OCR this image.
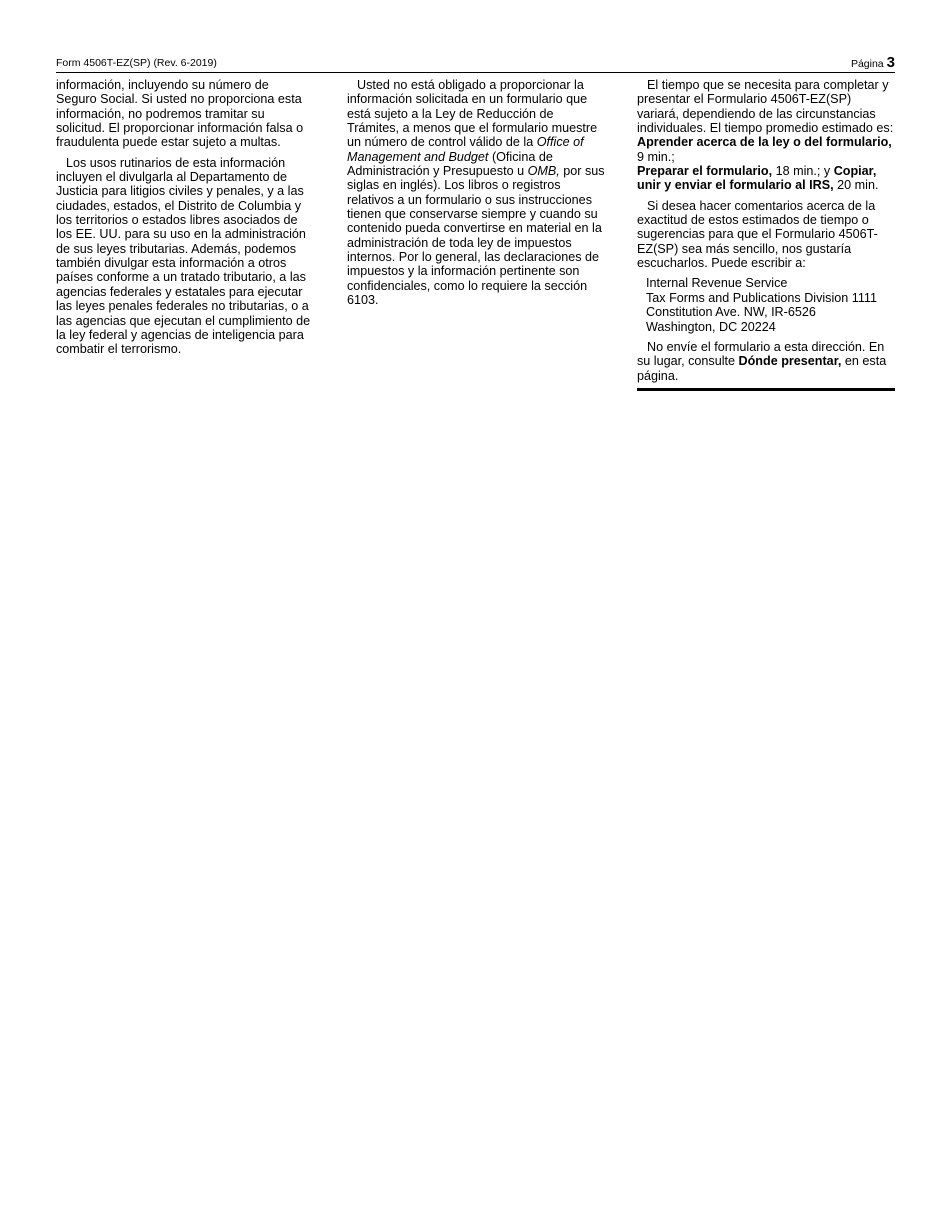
Form 4506T-EZ(SP) (Rev. 6-2019)	Página 3

información, incluyendo su número de Seguro Social. Si usted no proporciona esta información, no podremos tramitar su solicitud. El proporcionar información falsa o fraudulenta puede estar sujeto a multas.

Los usos rutinarios de esta información incluyen el divulgarla al Departamento de Justicia para litigios civiles y penales, y a las ciudades, estados, el Distrito de Columbia y los territorios o estados libres asociados de los EE. UU. para su uso en la administración de sus leyes tributarias. Además, podemos también divulgar esta información a otros países conforme a un tratado tributario, a las agencias federales y estatales para ejecutar las leyes penales federales no tributarias, o a las agencias que ejecutan el cumplimiento de la ley federal y agencias de inteligencia para combatir el terrorismo.

Usted no está obligado a proporcionar la información solicitada en un formulario que está sujeto a la Ley de Reducción de Trámites, a menos que el formulario muestre un número de control válido de la Office of Management and Budget (Oficina de Administración y Presupuesto u OMB, por sus siglas en inglés). Los libros o registros relativos a un formulario o sus instrucciones tienen que conservarse siempre y cuando su contenido pueda convertirse en material en la administración de toda ley de impuestos internos. Por lo general, las declaraciones de impuestos y la información pertinente son confidenciales, como lo requiere la sección 6103.

El tiempo que se necesita para completar y presentar el Formulario 4506T-EZ(SP) variará, dependiendo de las circunstancias individuales. El tiempo promedio estimado es: Aprender acerca de la ley o del formulario, 9 min.;
Preparar el formulario, 18 min.; y Copiar, unir y enviar el formulario al IRS, 20 min.

Si desea hacer comentarios acerca de la exactitud de estos estimados de tiempo o sugerencias para que el Formulario 4506T-EZ(SP) sea más sencillo, nos gustaría escucharlos. Puede escribir a:

Internal Revenue Service
Tax Forms and Publications Division 1111
Constitution Ave. NW, IR-6526
Washington, DC 20224

No envíe el formulario a esta dirección. En su lugar, consulte Dónde presentar, en esta página.
